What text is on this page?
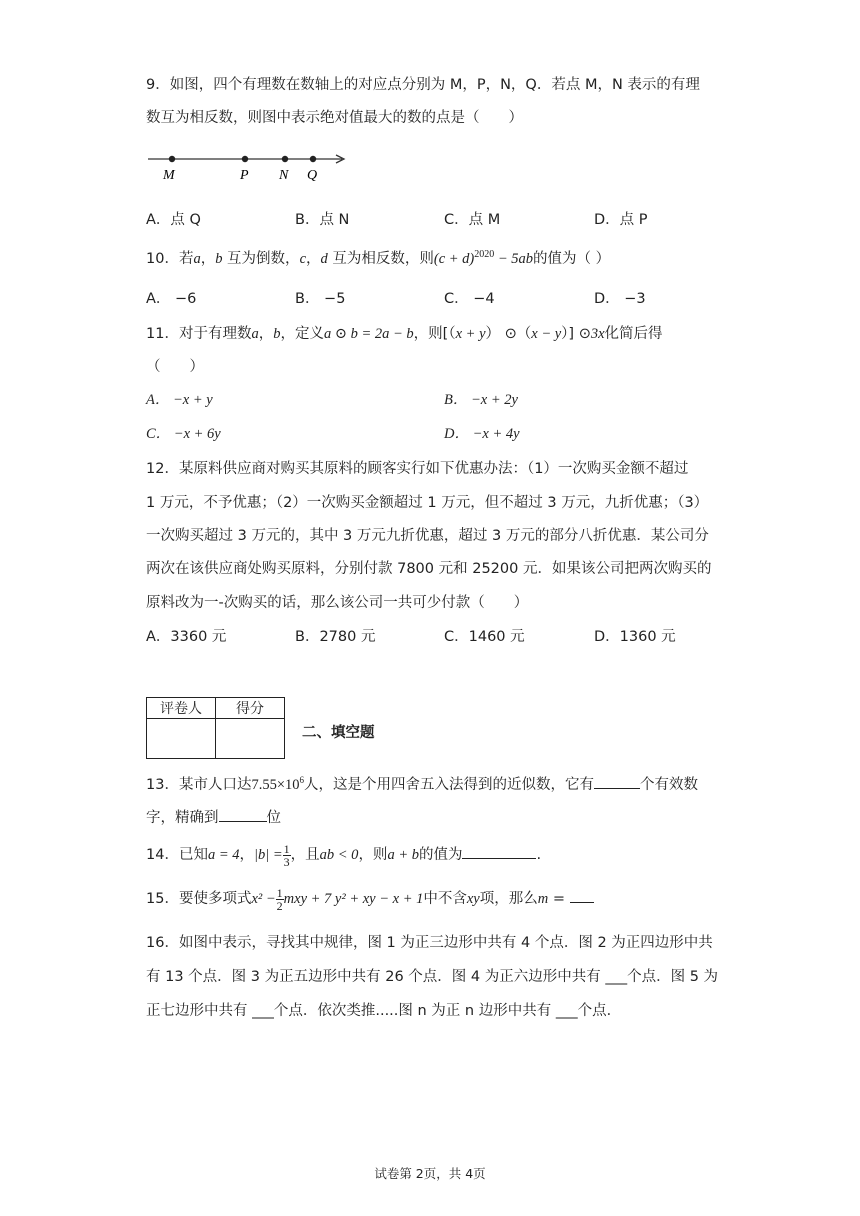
9．如图，四个有理数在数轴上的对应点分别为 M，P，N，Q．若点 M，N 表示的有理
数互为相反数，则图中表示绝对值最大的数的点是（　　）
M	P N Q
A．点 Q	B．点 N	C．点 M	D．点 P
10．若a，b 互为倒数，c，d 互为相反数，则$(c + d)^{2020} - 5ab$的值为（ ）
A． −6	B． −5	C． −4	D． −3
11．对于有理数a，b，定义a ⊙ b = 2a − b，则[（x + y） ⊙（x − y）] ⊙3x化简后得
（　　）
A． −x + y	B． −x + 2y
C． −x + 6y	D． −x + 4y
12．某原料供应商对购买其原料的顾客实行如下优惠办法：（1）一次购买金额不超过
1 万元，不予优惠；（2）一次购买金额超过 1 万元，但不超过 3 万元，九折优惠；（3）
一次购买超过 3 万元的，其中 3 万元九折优惠，超过 3 万元的部分八折优惠．某公司分
两次在该供应商处购买原料，分别付款 7800 元和 25200 元．如果该公司把两次购买的
原料改为一-次购买的话，那么该公司一共可少付款（　　）
A．3360 元	B．2780 元	C．1460 元	D．1360 元
评卷人	得分

二、填空题
13．某市人口达$7.55\times 10^6$人，这是个用四舍五入法得到的近似数，它有	个有效数
字，精确到	位
14．已知a = 4，$|b| = \frac{1}{3}$ ，且ab < 0，则a + b的值为	.
15．要使多项式$x^2 - \frac{1}{2}$ mxy + 7 y² + xy − x + 1中不含xy项，那么m =
16．如图中表示，寻找其中规律，图 1 为正三边形中共有 4 个点．图 2 为正四边形中共
有 13 个点．图 3 为正五边形中共有 26 个点．图 4 为正六边形中共有 ___个点．图 5 为
正七边形中共有 ___个点．依次类推.....图 n 为正 n 边形中共有 ___个点．
试卷第 2页，共 4页
